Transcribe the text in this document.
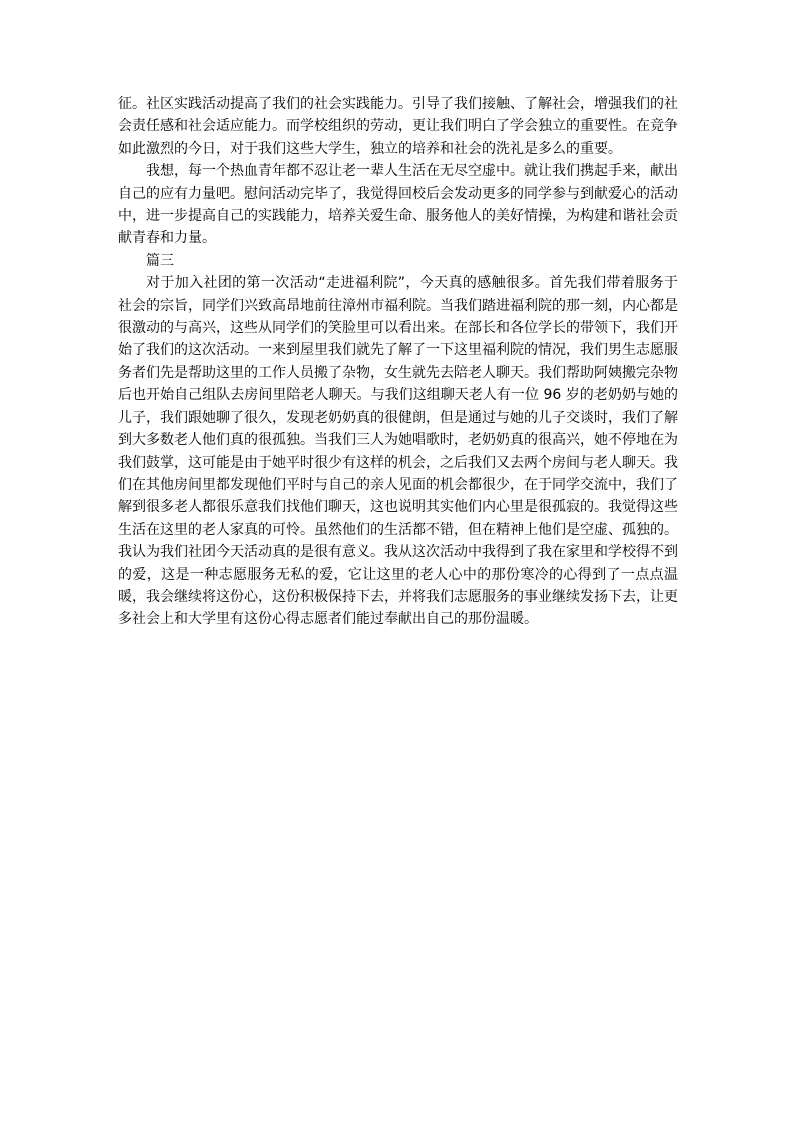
征。社区实践活动提高了我们的社会实践能力。引导了我们接触、了解社会，增强我们的社会责任感和社会适应能力。而学校组织的劳动，更让我们明白了学会独立的重要性。在竞争如此激烈的今日，对于我们这些大学生，独立的培养和社会的洗礼是多么的重要。

我想，每一个热血青年都不忍让老一辈人生活在无尽空虚中。就让我们携起手来，献出自己的应有力量吧。慰问活动完毕了，我觉得回校后会发动更多的同学参与到献爱心的活动中，进一步提高自己的实践能力，培养关爱生命、服务他人的美好情操，为构建和谐社会贡献青春和力量。

篇三

对于加入社团的第一次活动“走进福利院”，今天真的感触很多。首先我们带着服务于社会的宗旨，同学们兴致高昂地前往漳州市福利院。当我们踏进福利院的那一刻，内心都是很激动的与高兴，这些从同学们的笑脸里可以看出来。在部长和各位学长的带领下，我们开始了我们的这次活动。一来到屋里我们就先了解了一下这里福利院的情况，我们男生志愿服务者们先是帮助这里的工作人员搬了杂物，女生就先去陪老人聊天。我们帮助阿姨搬完杂物后也开始自己组队去房间里陪老人聊天。与我们这组聊天老人有一位 96 岁的老奶奶与她的儿子，我们跟她聊了很久，发现老奶奶真的很健朗，但是通过与她的儿子交谈时，我们了解到大多数老人他们真的很孤独。当我们三人为她唱歌时，老奶奶真的很高兴，她不停地在为我们鼓掌，这可能是由于她平时很少有这样的机会，之后我们又去两个房间与老人聊天。我们在其他房间里都发现他们平时与自己的亲人见面的机会都很少，在于同学交流中，我们了解到很多老人都很乐意我们找他们聊天，这也说明其实他们内心里是很孤寂的。我觉得这些生活在这里的老人家真的可怜。虽然他们的生活都不错，但在精神上他们是空虚、孤独的。我认为我们社团今天活动真的是很有意义。我从这次活动中我得到了我在家里和学校得不到的爱，这是一种志愿服务无私的爱，它让这里的老人心中的那份寒冷的心得到了一点点温暖，我会继续将这份心，这份积极保持下去，并将我们志愿服务的事业继续发扬下去，让更多社会上和大学里有这份心得志愿者们能过奉献出自己的那份温暖。
